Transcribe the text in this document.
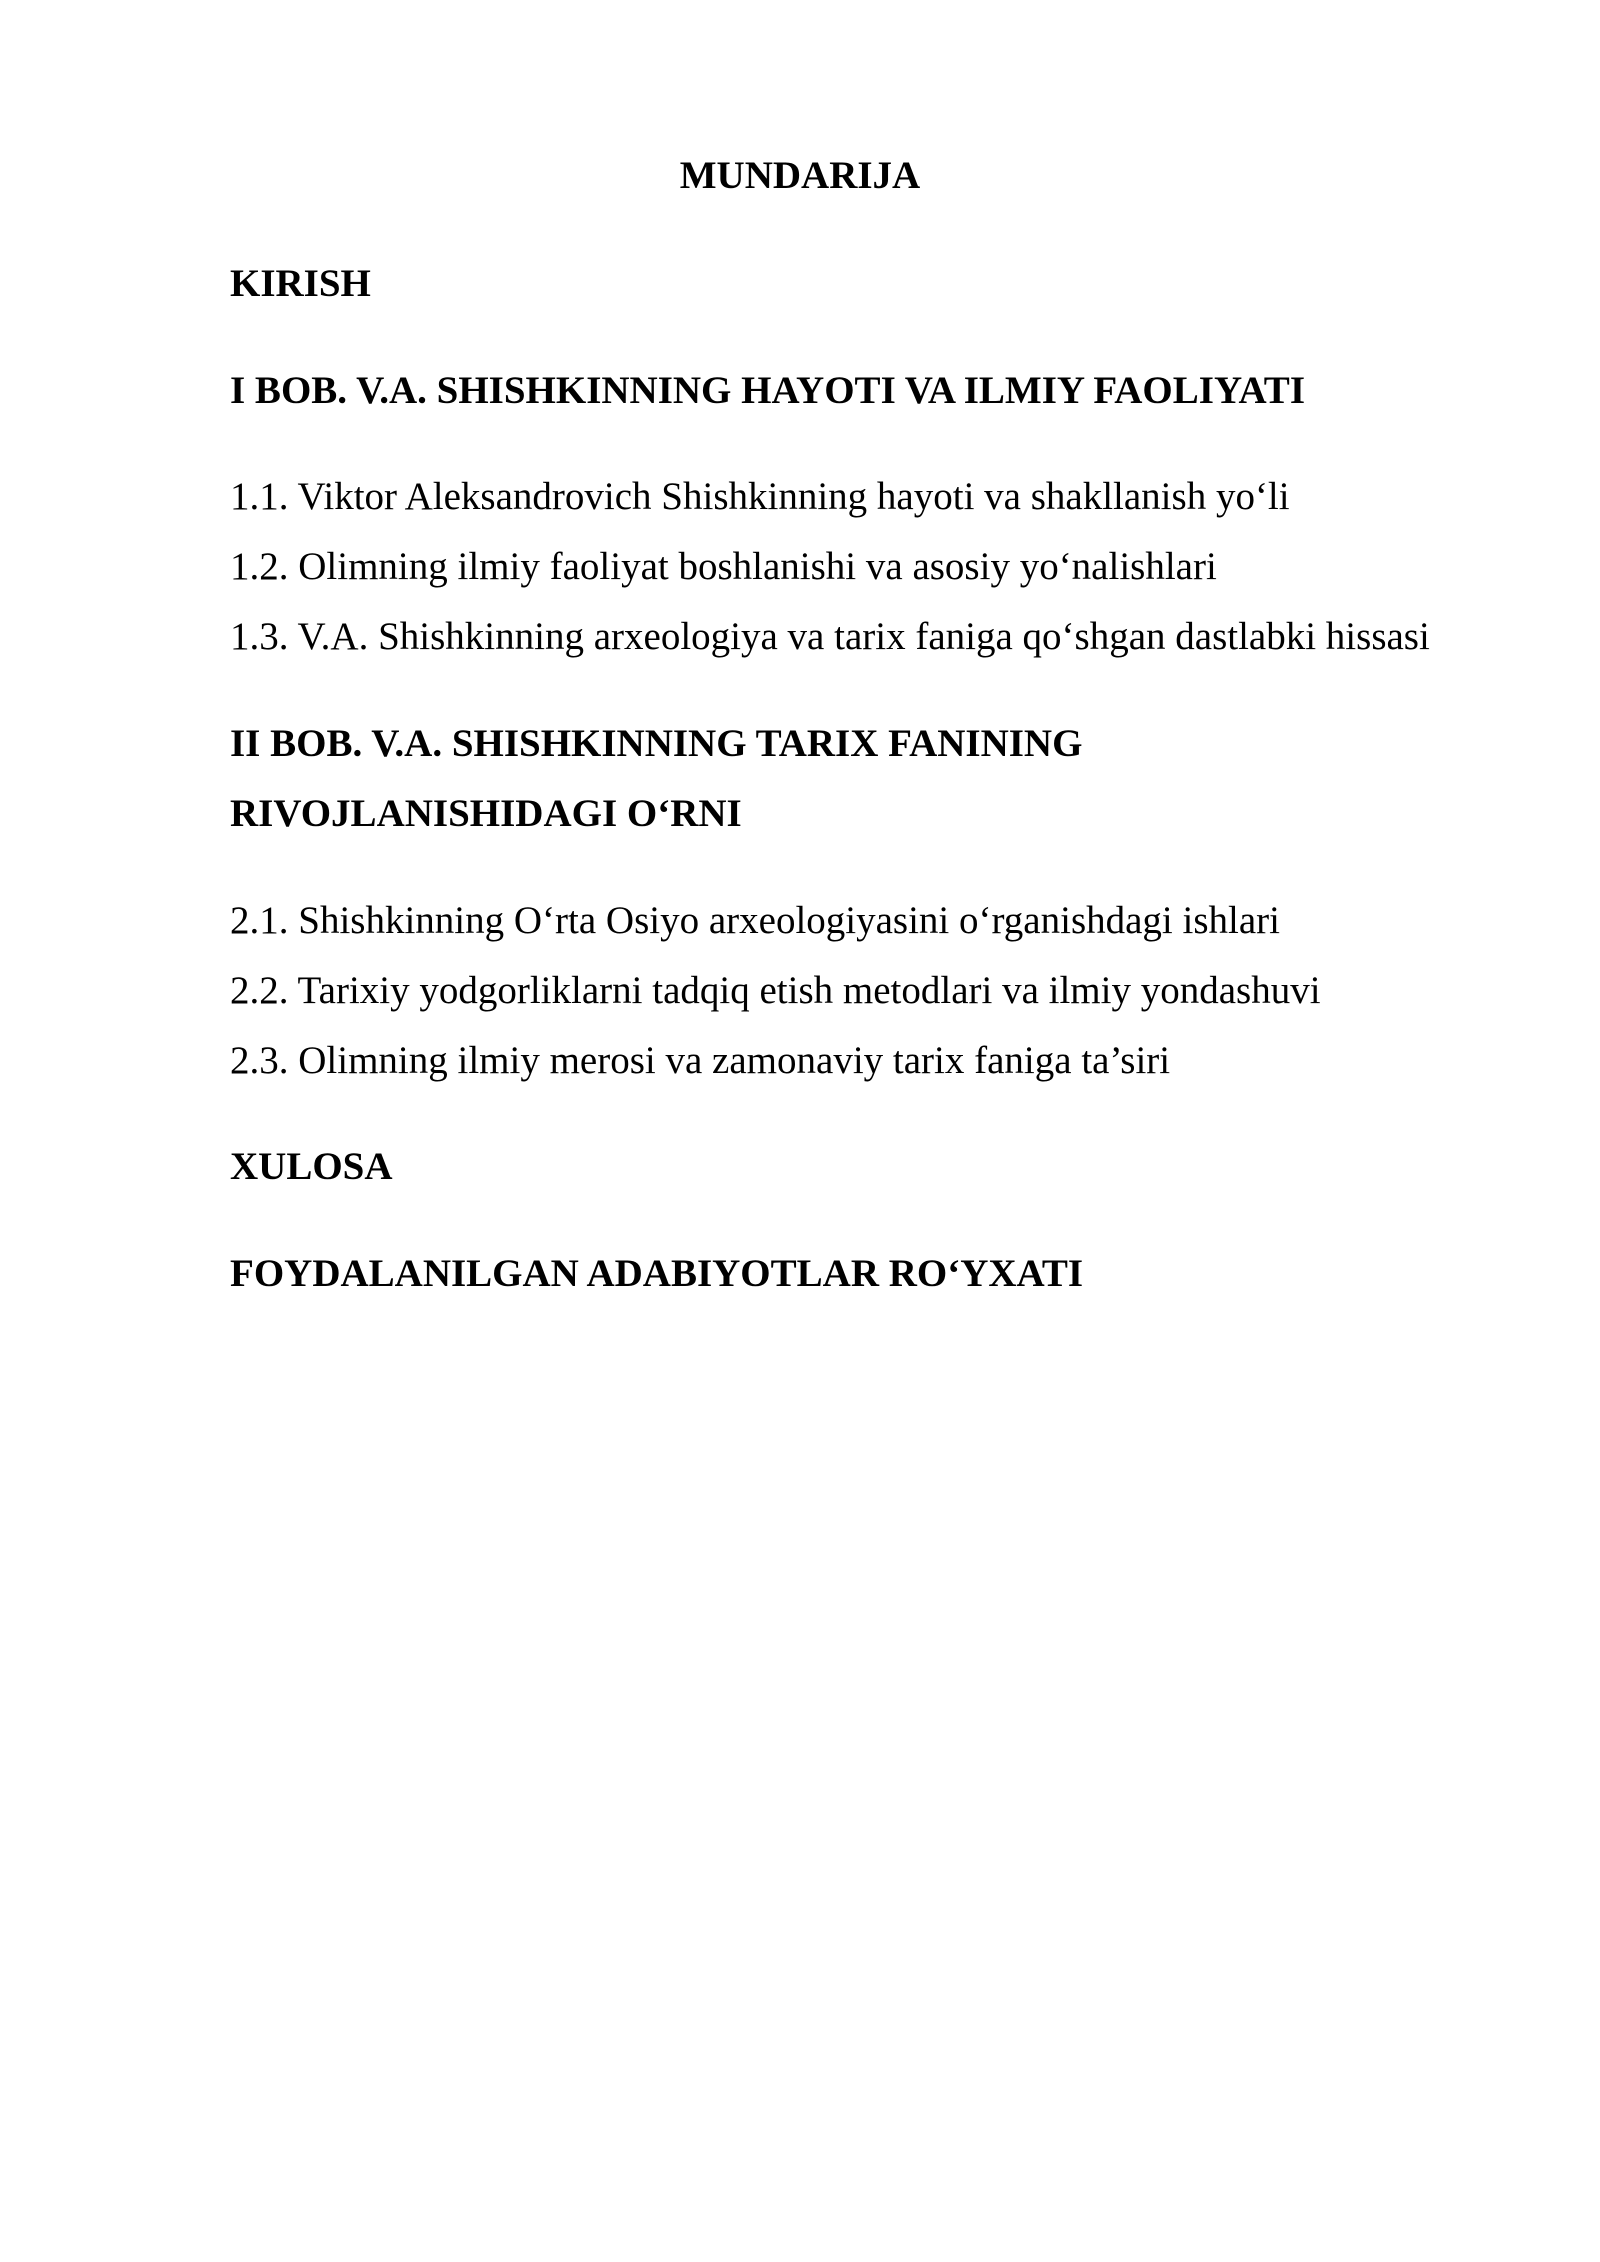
MUNDARIJA
KIRISH
I BOB. V.A. SHISHKINNING HAYOTI VA ILMIY FAOLIYATI
1.1. Viktor Aleksandrovich Shishkinning hayoti va shakllanish yo‘li
1.2. Olimning ilmiy faoliyat boshlanishi va asosiy yo‘nalishlari
1.3. V.A. Shishkinning arxeologiya va tarix faniga qo‘shgan dastlabki hissasi
II BOB. V.A. SHISHKINNING TARIX FANINING
RIVOJLANISHIDAGI O‘RNI
2.1. Shishkinning O‘rta Osiyo arxeologiyasini o‘rganishdagi ishlari
2.2. Tarixiy yodgorliklarni tadqiq etish metodlari va ilmiy yondashuvi
2.3. Olimning ilmiy merosi va zamonaviy tarix faniga ta’siri
XULOSA
FOYDALANILGAN ADABIYOTLAR RO‘YXATI
